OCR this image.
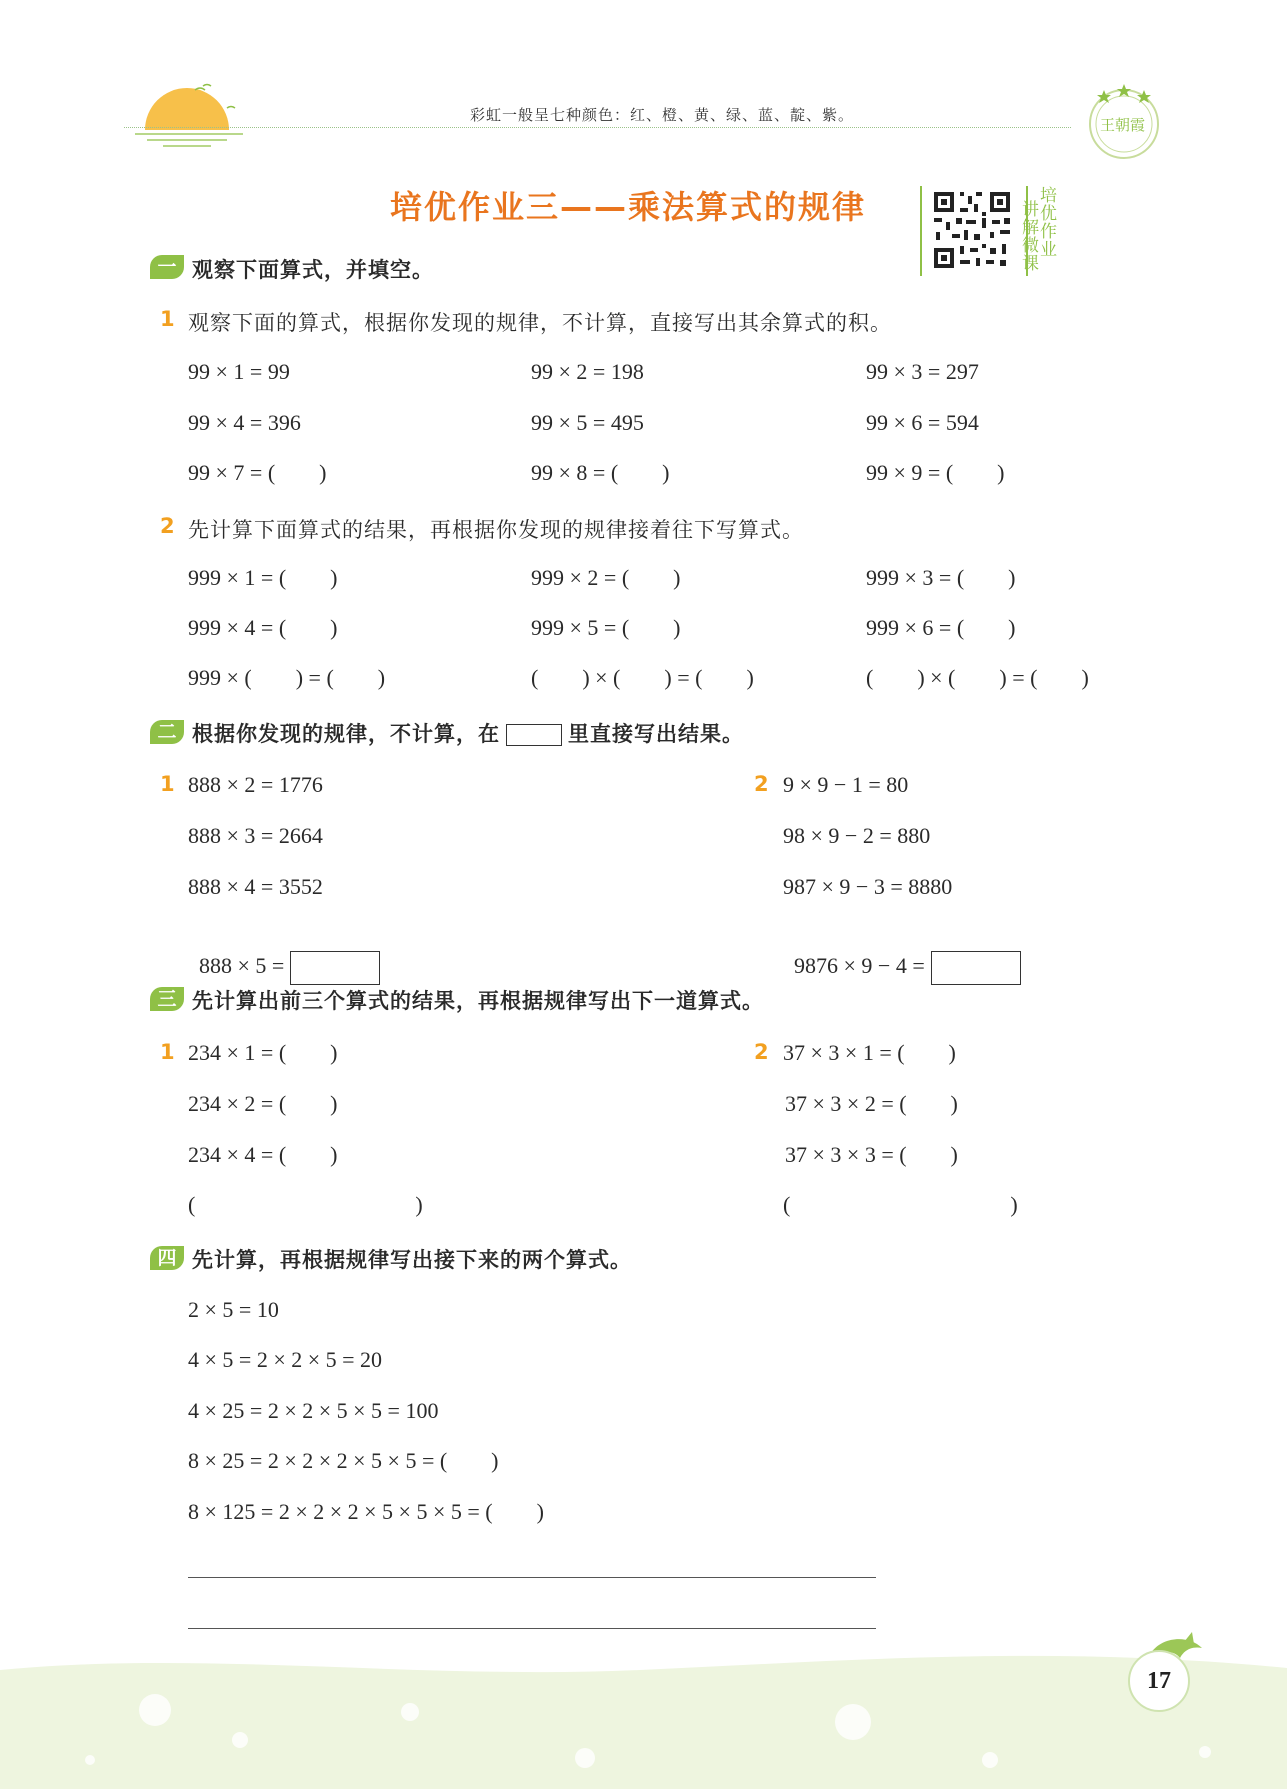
彩虹一般呈七种颜色：红、橙、黄、绿、蓝、靛、紫。
王朝霞
培优作业三——乘法算式的规律	讲解微课
培优作业
一 观察下面算式，并填空。
1 观察下面的算式，根据你发现的规律，不计算，直接写出其余算式的积。
99 × 1 = 99	99 × 2 = 198	99 × 3 = 297
99 × 4 = 396	99 × 5 = 495	99 × 6 = 594
99 × 7 = (        )	99 × 8 = (        )	99 × 9 = (        )
2 先计算下面算式的结果，再根据你发现的规律接着往下写算式。
999 × 1 = (        )	999 × 2 = (        )	999 × 3 = (        )
999 × 4 = (        )	999 × 5 = (        )	999 × 6 = (        )
999 × (        ) = (        )	(        ) × (        ) = (        )	(        ) × (        ) = (        )
二 根据你发现的规律，不计算，在	里直接写出结果。
1 888 × 2 = 1776
888 × 3 = 2664
888 × 4 = 3552

888 × 5 =

2 9 × 9 − 1 = 80
98 × 9 − 2 = 880
987 × 9 − 3 = 8880

9876 × 9 − 4 =

三 先计算出前三个算式的结果，再根据规律写出下一道算式。
1 234 × 1 = (        )
234 × 2 = (        )
234 × 4 = (        )
(                                        )
2 37 × 3 × 1 = (        )
37 × 3 × 2 = (        )
37 × 3 × 3 = (        )
(                                        )
四 先计算，再根据规律写出接下来的两个算式。
2 × 5 = 10
4 × 5 = 2 × 2 × 5 = 20
4 × 25 = 2 × 2 × 5 × 5 = 100
8 × 25 = 2 × 2 × 2 × 5 × 5 = (        )
8 × 125 = 2 × 2 × 2 × 5 × 5 × 5 = (        )
17
